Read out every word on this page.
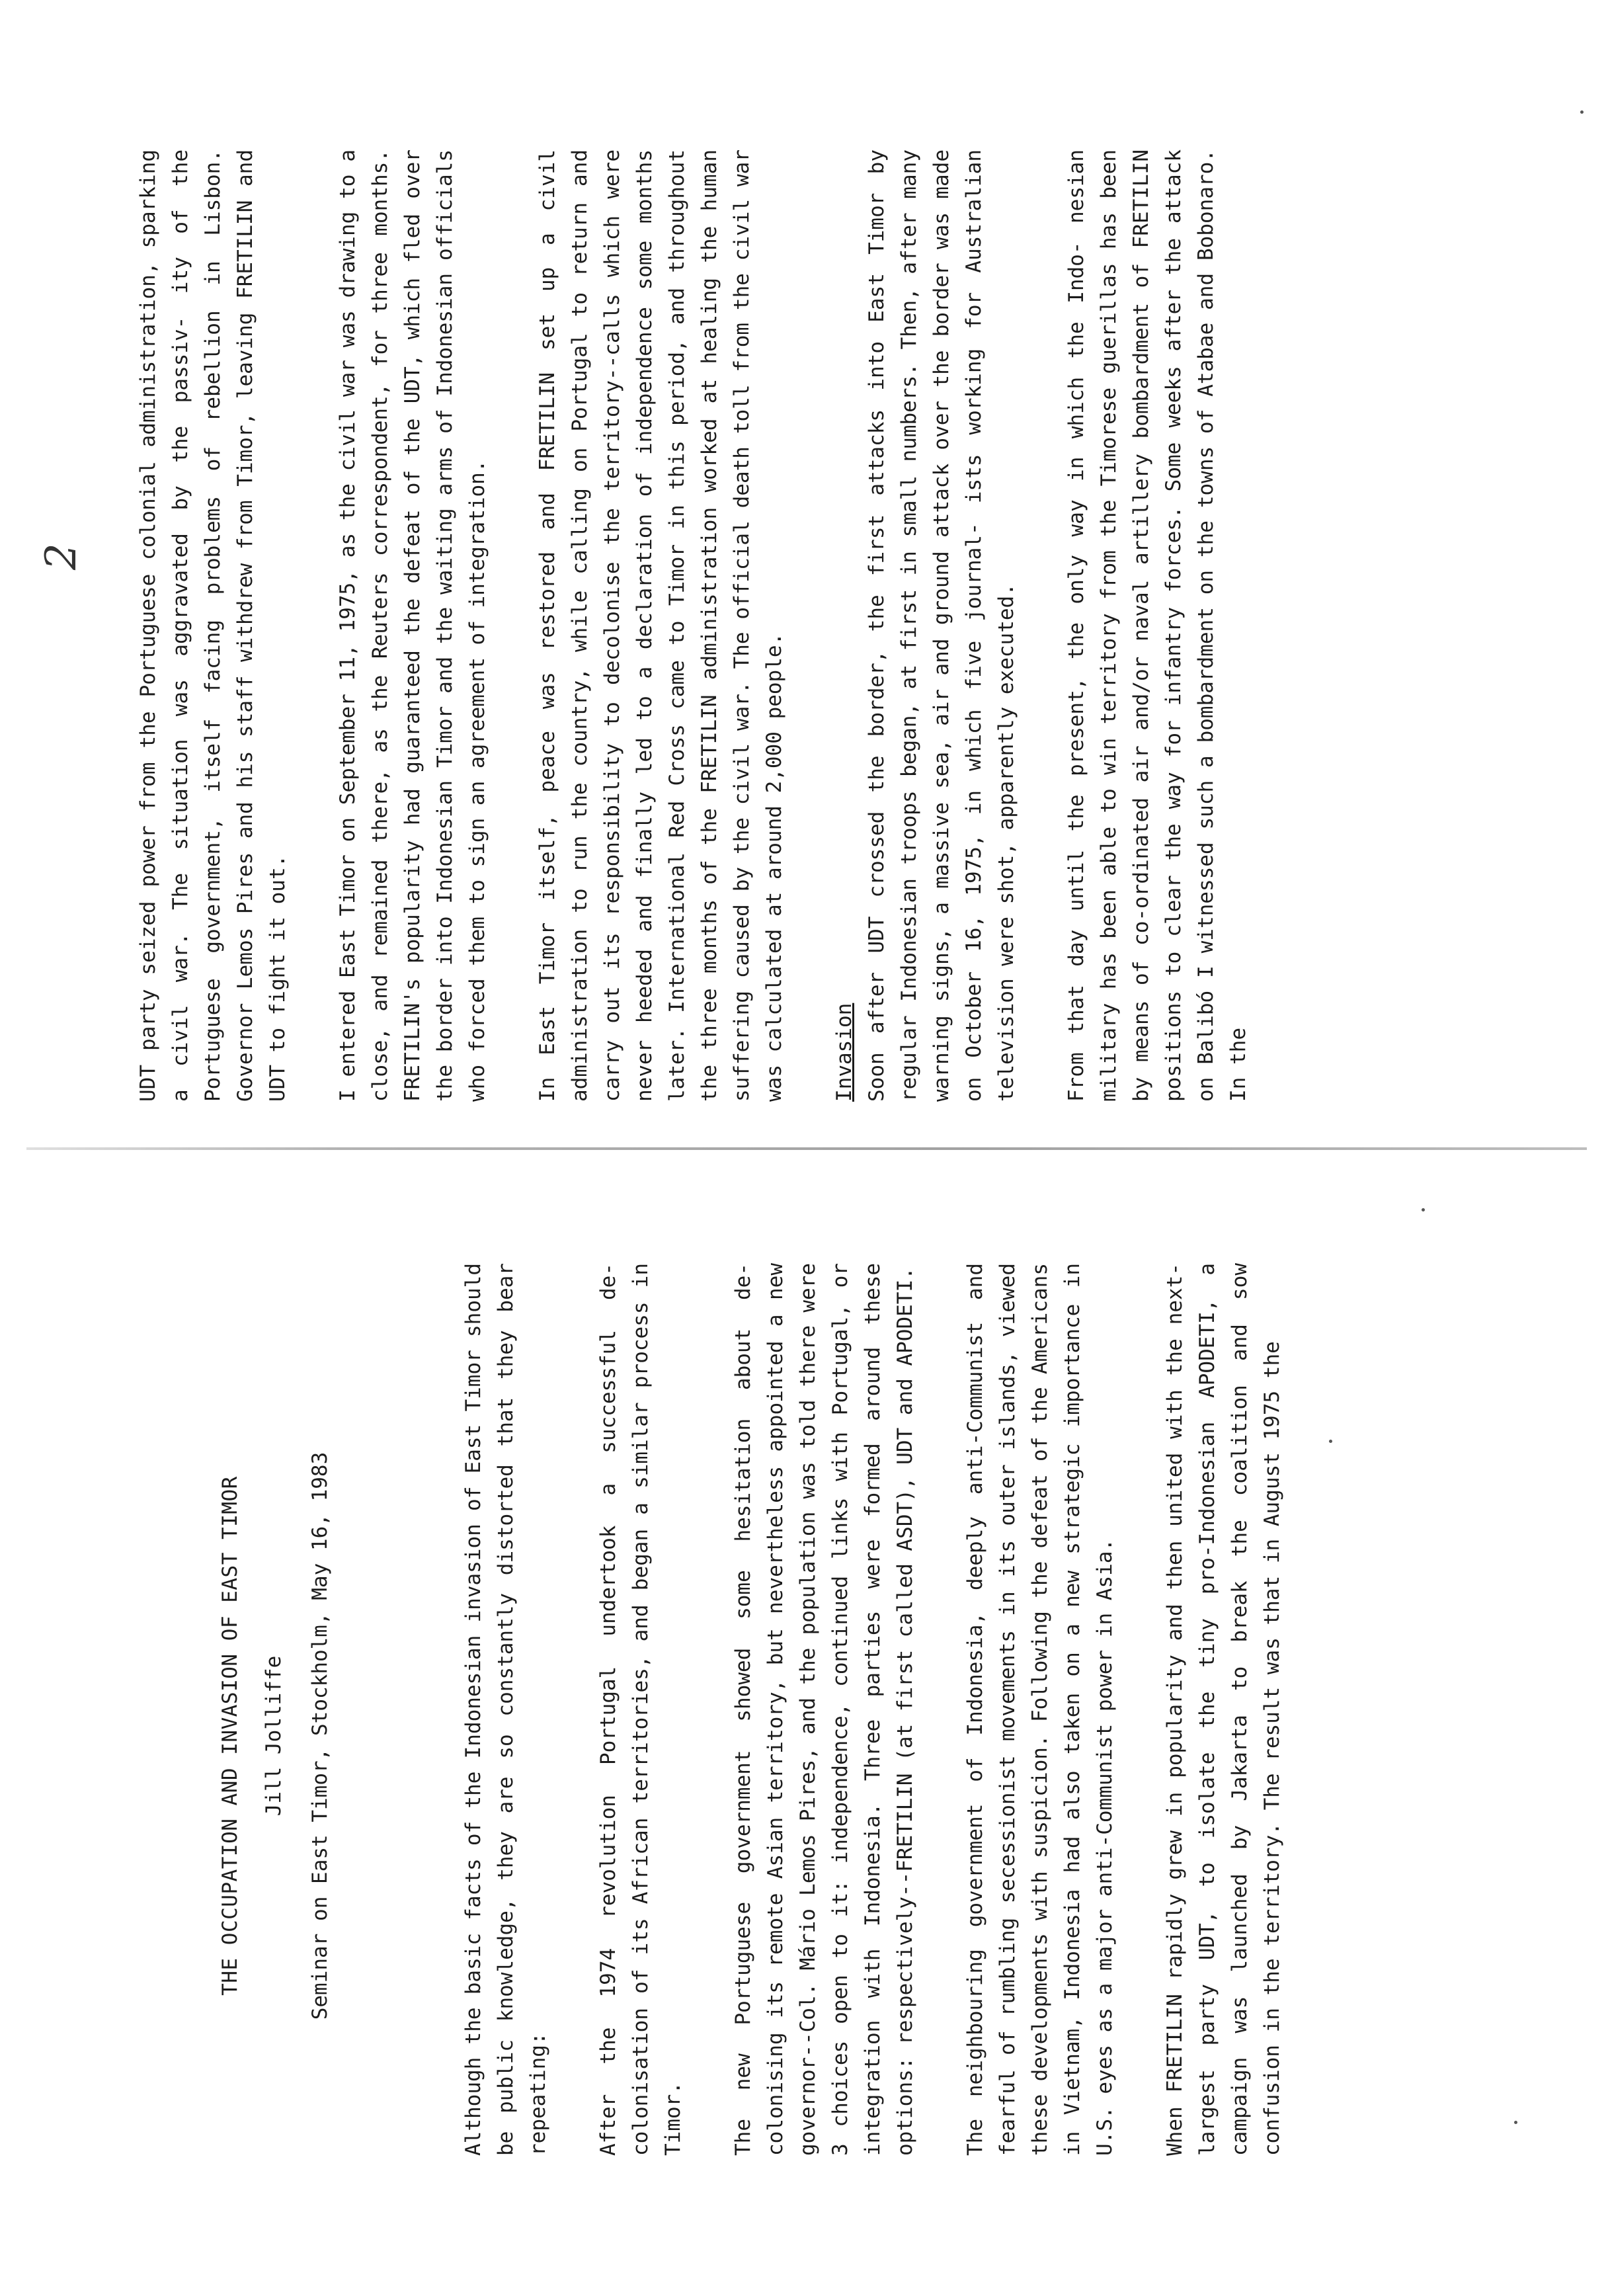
2
THE OCCUPATION AND INVASION OF EAST TIMOR Jill Jolliffe Seminar on East Timor, Stockholm, May 16, 1983	Although the basic facts of the Indonesian invasion of East Timor should be public knowledge, they are so constantly distorted that they bear repeating: After the 1974 revolution Portugal undertook a successful de- colonisation of its African territories, and began a similar process in Timor. The new Portuguese government showed some hesitation about de- colonising its remote Asian territory, but nevertheless appointed a new governor--Col. Mário Lemos Pires, and the population was told there were 3 choices open to it: independence, continued links with Portugal, or integration with Indonesia. Three parties were formed around these options: respectively--FRETILIN (at first called ASDT), UDT and APODETI. The neighbouring government of Indonesia, deeply anti-Communist and fearful of rumbling secessionist movements in its outer islands, viewed these developments with suspicion. Following the defeat of the Americans in Vietnam, Indonesia had also taken on a new strategic importance in U.S. eyes as a major anti-Communist power in Asia. When FRETILIN rapidly grew in popularity and then united with the next-largest party UDT, to isolate the tiny pro-Indonesian APODETI, a campaign was launched by Jakarta to break the coalition and sow confusion in the territory. The result was that in August 1975 the

UDT party seized power from the Portuguese colonial administration, sparking a civil war. The situation was aggravated by the passiv- ity of the Portuguese government, itself facing problems of rebellion in Lisbon. Governor Lemos Pires and his staff withdrew from Timor, leaving FRETILIN and UDT to fight it out. I entered East Timor on September 11, 1975, as the civil war was drawing to a close, and remained there, as the Reuters correspondent, for three months. FRETILIN's popularity had guaranteed the defeat of the UDT, which fled over the border into Indonesian Timor and the waiting arms of Indonesian officials who forced them to sign an agreement of integration. In East Timor itself, peace was restored and FRETILIN set up a civil administration to run the country, while calling on Portugal to return and carry out its responsibility to decolonise the territory--calls which were never heeded and finally led to a declaration of independence some months later. International Red Cross came to Timor in this period, and throughout the three months of the FRETILIN administration worked at healing the human suffering caused by the civil war. The official death toll from the civil war was calculated at around 2,000 people. Invasion Soon after UDT crossed the border, the first attacks into East Timor by regular Indonesian troops began, at first in small numbers. Then, after many warning signs, a massive sea, air and ground attack over the border was made on October 16, 1975, in which five journal- ists working for Australian television were shot, apparently executed. From that day until the present, the only way in which the Indo- nesian military has been able to win territory from the Timorese guerillas has been by means of co-ordinated air and/or naval artillery bombardment of FRETILIN positions to clear the way for infantry forces. Some weeks after the attack on Balibó I witnessed such a bombardment on the towns of Atabae and Bobonaro. In the
